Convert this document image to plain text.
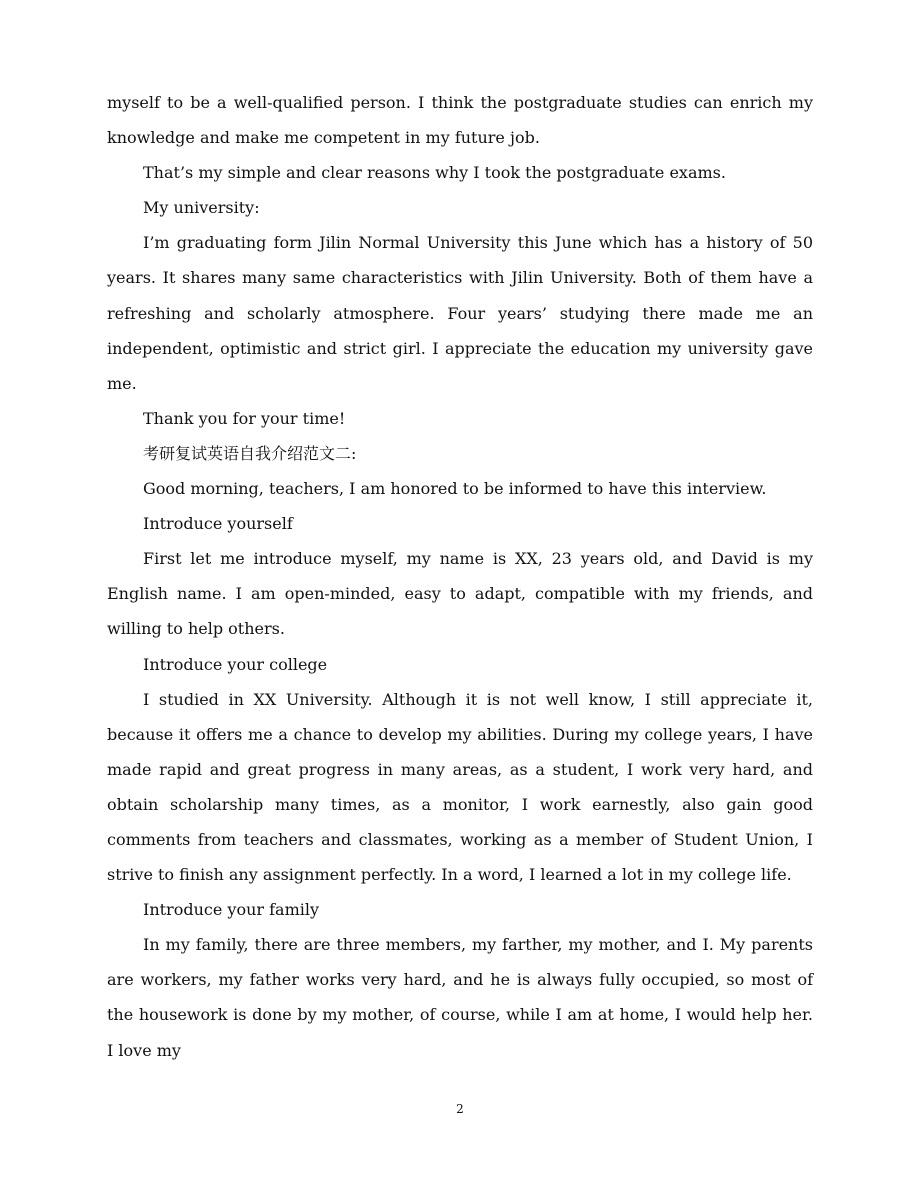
myself to be a well-qualified person. I think the postgraduate studies can enrich my knowledge and make me competent in my future job.

That’s my simple and clear reasons why I took the postgraduate exams.

My university:

I’m graduating form Jilin Normal University this June which has a history of 50 years. It shares many same characteristics with Jilin University. Both of them have a refreshing and scholarly atmosphere. Four years’ studying there made me an independent, optimistic and strict girl. I appreciate the education my university gave me.

Thank you for your time!

考研复试英语自我介绍范文二:

Good morning, teachers, I am honored to be informed to have this interview.

Introduce yourself

First let me introduce myself, my name is XX, 23 years old, and David is my English name. I am open-minded, easy to adapt, compatible with my friends, and willing to help others.

Introduce your college

I studied in XX University. Although it is not well know, I still appreciate it, because it offers me a chance to develop my abilities. During my college years, I have made rapid and great progress in many areas, as a student, I work very hard, and obtain scholarship many times, as a monitor, I work earnestly, also gain good comments from teachers and classmates, working as a member of Student Union, I strive to finish any assignment perfectly. In a word, I learned a lot in my college life.

Introduce your family

In my family, there are three members, my farther, my mother, and I. My parents are workers, my father works very hard, and he is always fully occupied, so most of the housework is done by my mother, of course, while I am at home, I would help her. I love my

2
